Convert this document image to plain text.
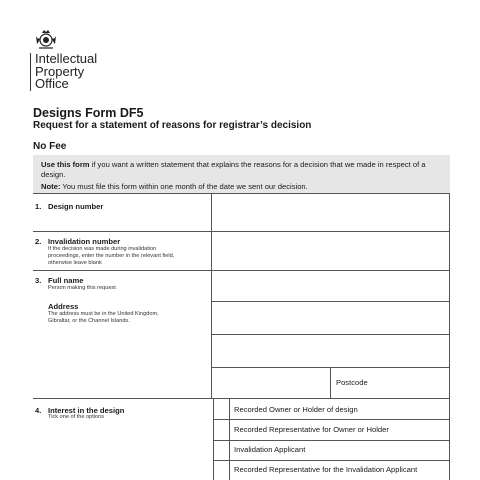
Intellectual
Property
Office
Designs Form DF5
Request for a statement of reasons for registrar’s decision
No Fee
Use this form if you want a written statement that explains the reasons for a decision that we made in respect of a design.
Note: You must file this form within one month of the date we sent our decision.
1. Design number
2. Invalidation number
If the decision was made during invalidation
proceedings, enter the number in the relevant field,
otherwise leave blank
3. Full name
Person making this request
Address
The address must be in the United Kingdom,
Gibraltar, or the Channel Islands.
Postcode
4. Interest in the design
Tick one of the options
Recorded Owner or Holder of design
Recorded Representative for Owner or Holder
Invalidation Applicant
Recorded Representative for the Invalidation Applicant
